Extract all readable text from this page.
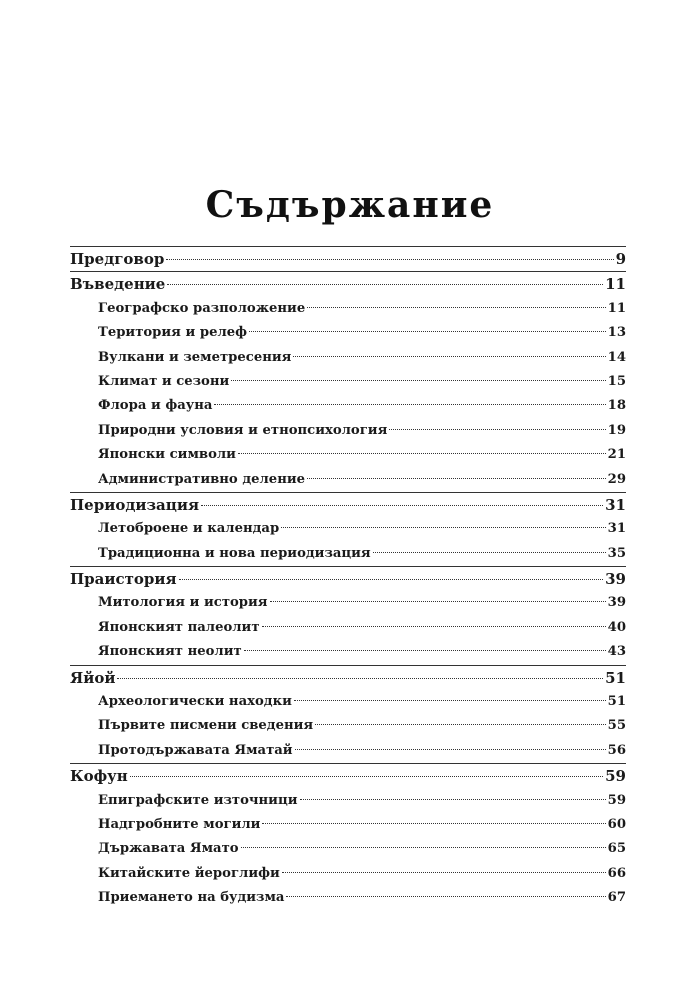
Съдържание
Предговор	9
Въведение	11
Географско разположение	11
Територия и релеф	13
Вулкани и земетресения	14
Климат и сезони	15
Флора и фауна	18
Природни условия и етнопсихология	19
Японски символи	21
Административно деление	29
Периодизация	31
Летоброене и календар	31
Традиционна и нова периодизация	35
Праистория	39
Митология и история	39
Японският палеолит	40
Японският неолит	43
Яйой	51
Археологически находки	51
Първите писмени сведения	55
Протодържавата Яматай	56
Кофун	59
Епиграфските източници	59
Надгробните могили	60
Държавата Ямато	65
Китайските йероглифи	66
Приемането на будизма	67
